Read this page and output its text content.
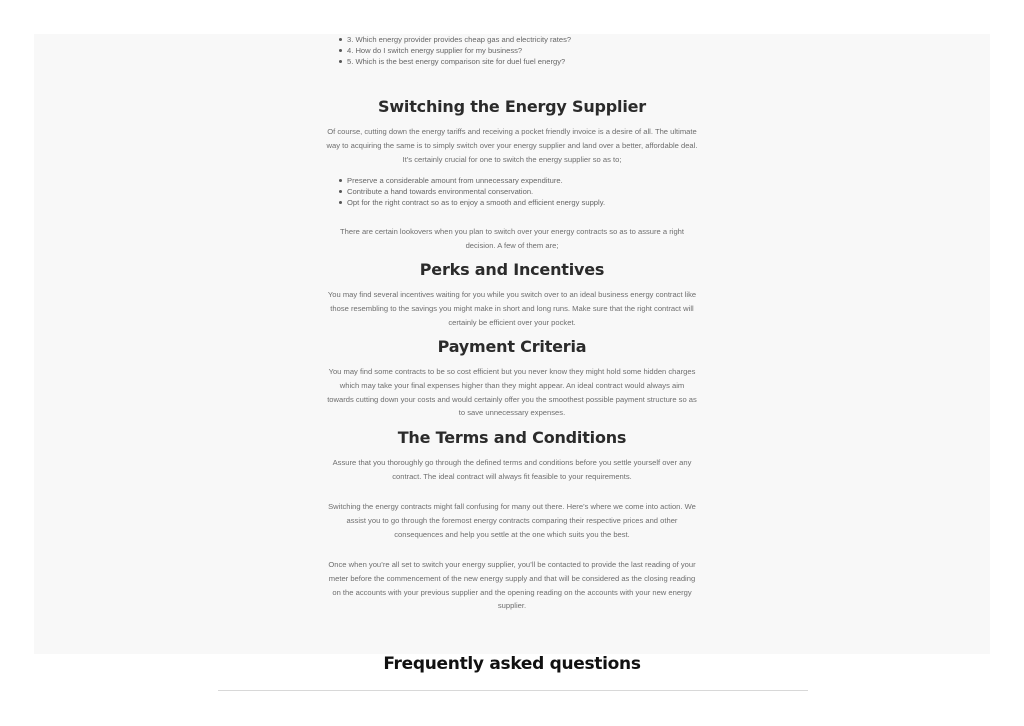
3. Which energy provider provides cheap gas and electricity rates?
4. How do I switch energy supplier for my business?
5. Which is the best energy comparison site for duel fuel energy?
Switching the Energy Supplier

Of course, cutting down the energy tariffs and receiving a pocket friendly invoice is a desire of all. The ultimate way to acquiring the same is to simply switch over your energy supplier and land over a better, affordable deal. It’s certainly crucial for one to switch the energy supplier so as to;

Preserve a considerable amount from unnecessary expenditure.
Contribute a hand towards environmental conservation.
Opt for the right contract so as to enjoy a smooth and efficient energy supply.

There are certain lookovers when you plan to switch over your energy contracts so as to assure a right decision. A few of them are;

Perks and Incentives

You may find several incentives waiting for you while you switch over to an ideal business energy contract like those resembling to the savings you might make in short and long runs. Make sure that the right contract will certainly be efficient over your pocket.

Payment Criteria

You may find some contracts to be so cost efficient but you never know they might hold some hidden charges which may take your final expenses higher than they might appear. An ideal contract would always aim towards cutting down your costs and would certainly offer you the smoothest possible payment structure so as to save unnecessary expenses.

The Terms and Conditions

Assure that you thoroughly go through the defined terms and conditions before you settle yourself over any contract. The ideal contract will always fit feasible to your requirements.

Switching the energy contracts might fall confusing for many out there. Here’s where we come into action. We assist you to go through the foremost energy contracts comparing their respective prices and other consequences and help you settle at the one which suits you the best.

Once when you’re all set to switch your energy supplier, you’ll be contacted to provide the last reading of your meter before the commencement of the new energy supply and that will be considered as the closing reading on the accounts with your previous supplier and the opening reading on the accounts with your new energy supplier.

Frequently asked questions
